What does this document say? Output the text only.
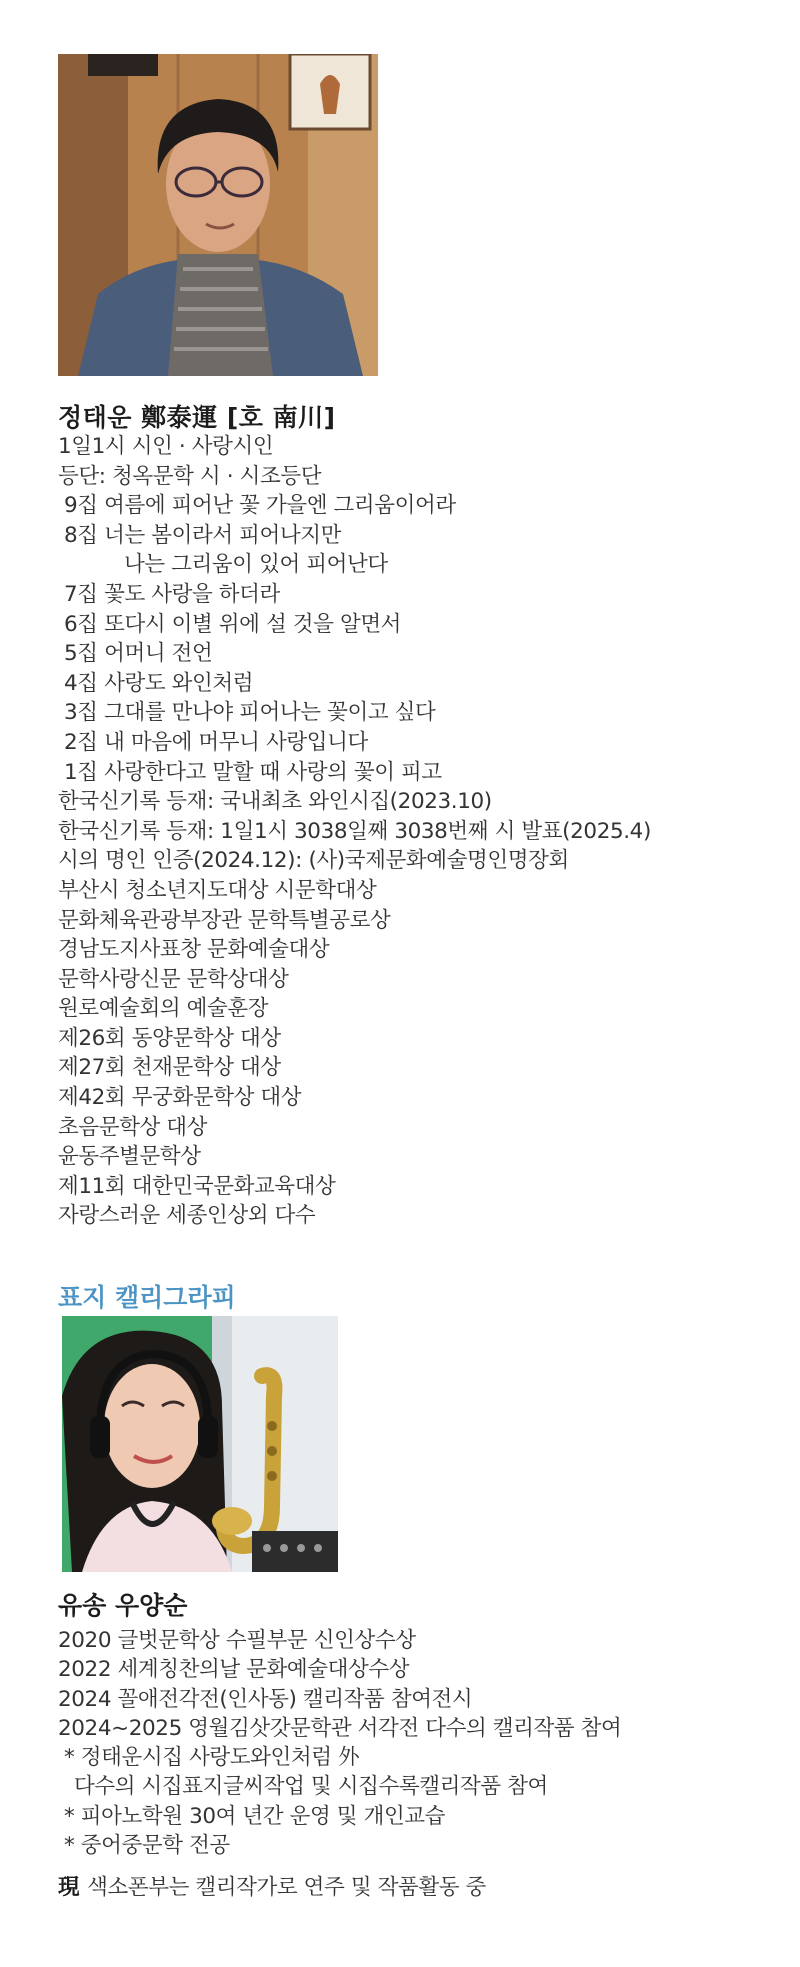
정태운 鄭泰運 [호 南川]
1일1시 시인 · 사랑시인
등단: 청옥문학 시 · 시조등단
9집 여름에 피어난 꽃 가을엔 그리움이어라
8집 너는 봄이라서 피어나지만
나는 그리움이 있어 피어난다
7집 꽃도 사랑을 하더라
6집 또다시 이별 위에 설 것을 알면서
5집 어머니 전언
4집 사랑도 와인처럼
3집 그대를 만나야 피어나는 꽃이고 싶다
2집 내 마음에 머무니 사랑입니다
1집 사랑한다고 말할 때 사랑의 꽃이 피고
한국신기록 등재: 국내최초 와인시집(2023.10)
한국신기록 등재: 1일1시 3038일째 3038번째 시 발표(2025.4)
시의 명인 인증(2024.12): (사)국제문화예술명인명장회
부산시 청소년지도대상 시문학대상
문화체육관광부장관 문학특별공로상
경남도지사표창 문화예술대상
문학사랑신문 문학상대상
원로예술회의 예술훈장
제26회 동양문학상 대상
제27회 천재문학상 대상
제42회 무궁화문학상 대상
초음문학상 대상
윤동주별문학상
제11회 대한민국문화교육대상
자랑스러운 세종인상외 다수
표지 캘리그라피
유송 우양순
2020 글벗문학상 수필부문 신인상수상
2022 세계칭찬의날 문화예술대상수상
2024 꼴애전각전(인사동) 캘리작품 참여전시
2024~2025 영월김삿갓문학관 서각전 다수의 캘리작품 참여
* 정태운시집 사랑도와인처럼 外
다수의 시집표지글씨작업 및 시집수록캘리작품 참여
* 피아노학원 30여 년간 운영 및 개인교습
* 중어중문학 전공
現 색소폰부는 캘리작가로 연주 및 작품활동 중
